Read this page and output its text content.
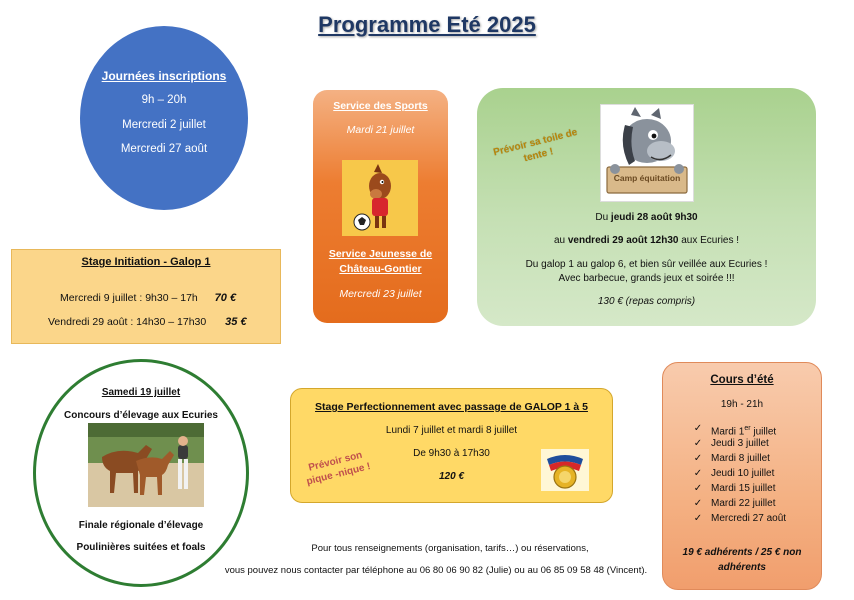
Programme Eté 2025
Journées inscriptions
9h – 20h
Mercredi 2 juillet
Mercredi 27 août
Stage Initiation - Galop 1
Mercredi 9 juillet : 9h30 – 17h 70 €
Vendredi 29 août : 14h30 – 17h30 35 €
Service des Sports
Mardi 21 juillet
Service Jeunesse de Château-Gontier
Mercredi 23 juillet
Camp équitation
Prévoir sa toile de tente !
Du jeudi 28 août 9h30
au vendredi 29 août 12h30 aux Ecuries !
Du galop 1 au galop 6, et bien sûr veillée aux Ecuries !
Avec barbecue, grands jeux et soirée !!!
130 € (repas compris)
Samedi 19 juillet
Concours d’élevage aux Ecuries
Finale régionale d’élevage
Poulinières suitées et foals
Stage Perfectionnement avec passage de GALOP 1 à 5
Lundi 7 juillet et mardi 8 juillet
De 9h30 à 17h30
120 €
Prévoir son pique -nique !
Pour tous renseignements (organisation, tarifs…) ou réservations,
vous pouvez nous contacter par téléphone au 06 80 06 90 82 (Julie) ou au 06 85 09 58 48 (Vincent).
Cours d’été
19h - 21h
✓ Mardi 1er juillet
✓ Jeudi 3 juillet
✓ Mardi 8 juillet
✓ Jeudi 10 juillet
✓ Mardi 15 juillet
✓ Mardi 22 juillet
✓ Mercredi 27 août
19 € adhérents / 25 € non adhérents
